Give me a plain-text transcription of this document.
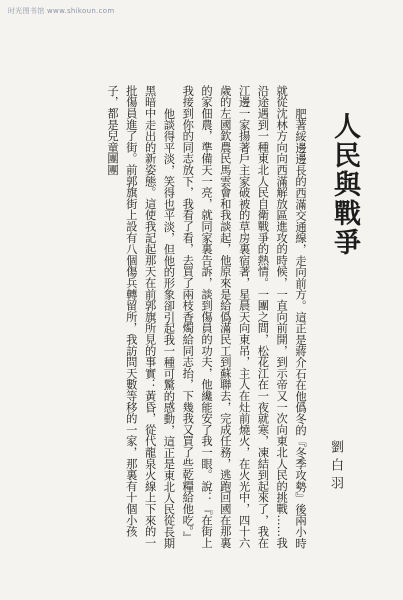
时光图书馆 www.shikoun.com
人民與戰爭
劉白羽

肥著綏邊邊長的西滿交通線，走向前方。這正是蔣介石在他僞冬的『冬季攻勢』後兩小時就從沈林方向向西滿解放區進攻的時候，一直向前開，到示帝又一次向東北人民的挑戰……我沿途遇到一種東北人民自衛戰爭的熱情。一團之間，松花江在一夜就寒，凍結到起來了，我在江邊一家揚著戶主家破被的草房裏宿著，星晨天向東吊，主人在灶前燒火，在火光中，四十六歲的左國欽農民馬雲會和我談起，他原來是給僞滿民工到蘇聯去，完成任務，逃跑回國在那裏的家佃農，準備天一亮，就同家裏告訴，談到傷員的功夫，他纔能安了我一眼。說：『在街上我接到你的同志放下，我看了看，去買了兩枝香燭給同志抬，下幾我又買了些乾糧給他吃。』

他談得平淡，笑得也平淡，但他的形象卻引起我一種可驚的感動，這正是東北人民從長期黑暗中走出的新姿態。這使我記起那天在前郭旗所見的事實：黃昏，從代龍泉火線上下來的一批傷員進了街。前郭旗街上設有八個傷兵轉留所，我訪問天數等移的一家，那裏有十個小孩子，都是兒童團團
